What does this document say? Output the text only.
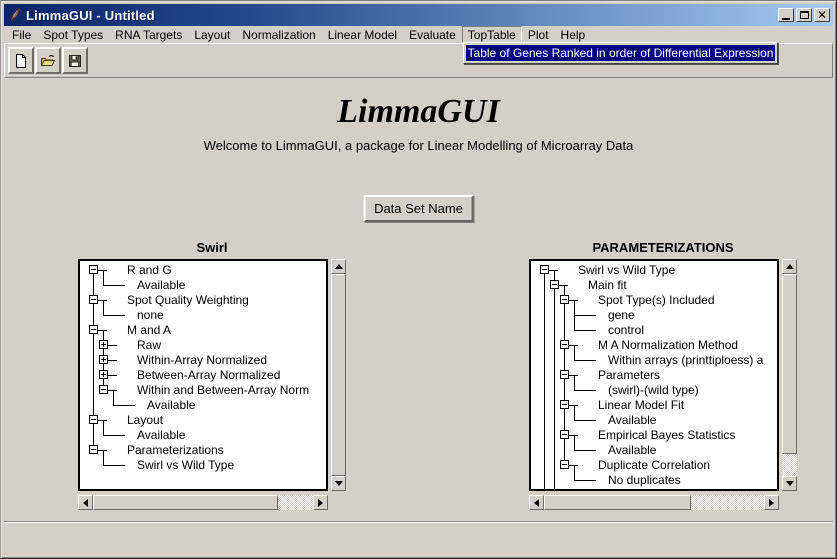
LimmaGUI - Untitled	✕
File	Spot Types	RNA Targets	Layout	Normalization	Linear Model	Evaluate	TopTable	Plot	Help
Table of Genes Ranked in order of Differential Expression
LimmaGUI
Welcome to LimmaGUI, a package for Linear Modelling of Microarray Data
Data Set Name
Swirl
R and G
Available
Spot Quality Weighting
none
M and A
Raw
Within-Array Normalized
Between-Array Normalized
Within and Between-Array Norm
Available
Layout
Available
Parameterizations
Swirl vs Wild Type
PARAMETERIZATIONS
Swirl vs Wild Type
Main fit
Spot Type(s) Included
gene
control
M A Normalization Method
Within arrays (printtiploess) a
Parameters
(swirl)-(wild type)
Linear Model Fit
Available
Empirical Bayes Statistics
Available
Duplicate Correlation
No duplicates
